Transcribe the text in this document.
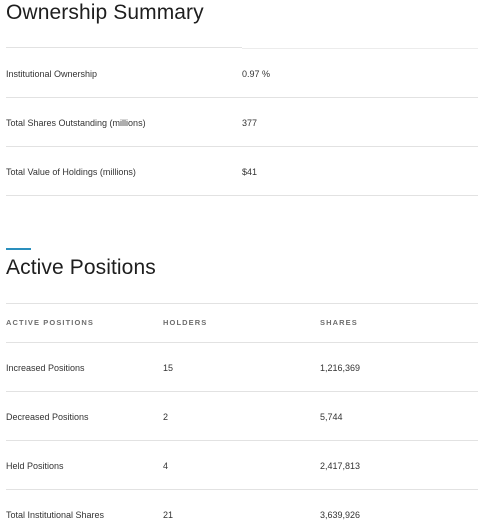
Ownership Summary
Institutional Ownership	0.97 %
Total Shares Outstanding (millions)	377
Total Value of Holdings (millions)	$41
Active Positions
ACTIVE POSITIONS	HOLDERS	SHARES
Increased Positions	15	1,216,369
Decreased Positions	2	5,744
Held Positions	4	2,417,813
Total Institutional Shares	21	3,639,926
